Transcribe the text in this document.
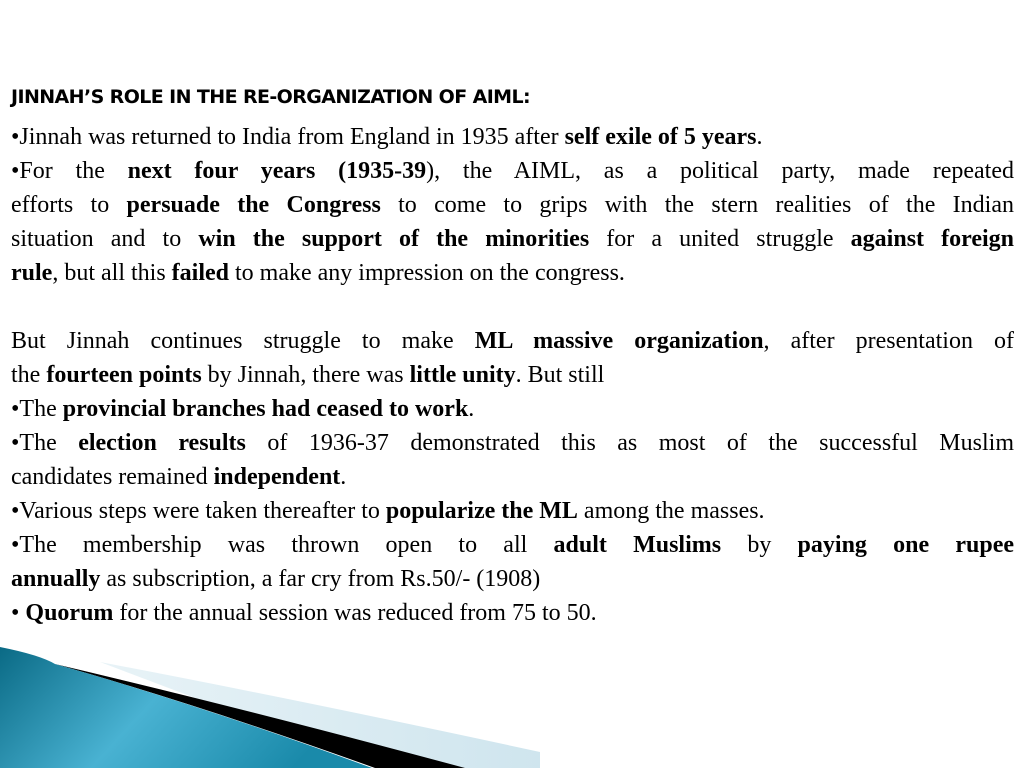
JINNAH’S ROLE IN THE RE-ORGANIZATION OF AIML:
•Jinnah was returned to India from England in 1935 after self exile of 5 years.
•For the next four years (1935-39), the AIML, as a political party, made repeated
efforts to persuade the Congress to come to grips with the stern realities of the Indian
situation and to win the support of the minorities for a united struggle against foreign
rule, but all this failed to make any impression on the congress.
But Jinnah continues struggle to make ML massive organization, after presentation of
the fourteen points by Jinnah, there was little unity. But still
•The provincial branches had ceased to work.
•The election results of 1936-37 demonstrated this as most of the successful Muslim
candidates remained independent.
•Various steps were taken thereafter to popularize the ML among the masses.
•The membership was thrown open to all adult Muslims by paying one rupee
annually as subscription, a far cry from Rs.50/- (1908)
• Quorum for the annual session was reduced from 75 to 50.
